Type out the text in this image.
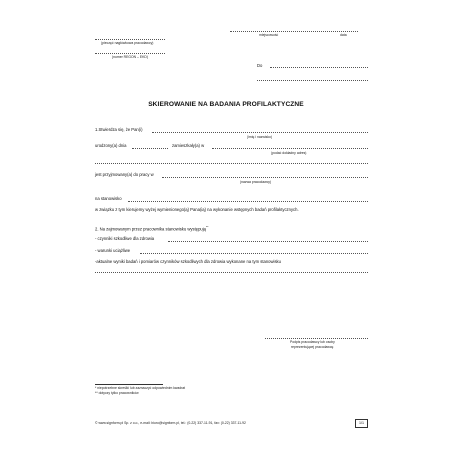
miejscowość	data
(pieczęć nagłówkowa pracodawcy)
(numer REGON – EKD)
Do
SKIEROWANIE NA BADANIA PROFILAKTYCZNE
1.Stwierdza się, że Pan(i)
(imię i nazwisko)
urodzony(a) dnia	zamieszkały(a) w
(podać dokładny adres)
jest przyjmowany(a) do pracy w
(nazwa pracodawcy)
na stanowisko
w związku z tym kierujemy wyżej wymienionego(ą) Pana(ią) na wykonanie wstępnych badań profilaktycznych.
2. Na zajmowanym przez pracownika stanowisku występują**
- czynniki szkodliwe dla zdrowia
- warunki uciążliwe
-aktualne wyniki badań i pomiarów czynników szkodliwych dla zdrowia wykonane na tym stanowisku
Podpis pracodawcy lub osoby
reprezentującej pracodawcę
* niepotrzebne skreślić lub zaznaczyć odpowiednim kwadrat
** dotyczy tylko pracowników
© www.signform.pl Sp. z o.o., e-mail: biuro@signform.pl, tel.: (0-22) 337-11-91, fax: (0-22) 337-11-92	1/1
